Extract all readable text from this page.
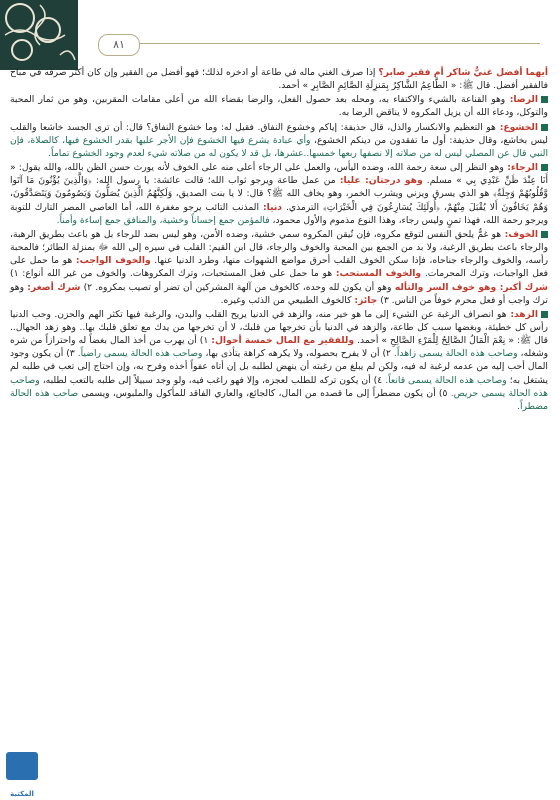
٨١

أيهما أفضل غنيٌّ شاكر أم فقير صابر؟ إذا صرف الغني ماله في طاعة أو ادخره لذلك؛ فهو أفضل من الفقير وإن كان أكثر صرفه في مباح فالفقير أفضل. قال ﷺ: « الطَّاعِمُ الشَّاكِرُ بِمَنزِلَةِ الصَّائِمِ الصَّابِرِ » أحمد.

الرضا: وهو القناعة بالشيء والاكتفاء به، ومحله بعد حصول الفعل، والرضا بقضاء الله من أعلى مقامات المقربين، وهو من ثمار المحبة والتوكل، ودعاء الله أن يزيل المكروه لا يناقض الرضا به.

الخشوع: هو التعظيم والانكسار والذل، قال حذيفة: إياكم وخشوع النفاق. فقيل له: وما خشوع النفاق؟ قال: أن ترى الجسد خاشعا والقلب ليس بخاشع، وقال حذيفة: أول ما تفقدون من دينكم الخشوع، وأي عبادة يشرع فيها الخشوع فإن الأجر عليها بقدر الخشوع فيها، كالصلاة، فإن النبي قال عن المصلي ليس له من صلاته إلا نصفها ربعها خمسها..عشرها، بل قد لا يكون له من صلاته شيء لعدم وجود الخشوع تماماً.

الرجاء: وهو النظر إلى سعة رحمة الله، وضده اليأس، والعمل على الرجاء أعلى منه على الخوف لأنه يورث حسن الظن بالله، والله يقول: « أَنَا عِنْدَ ظَنِّ عَبْدِي بِي » مسلم. وهو درجتان: عليا: من عمل طاعة ويرجو ثواب الله؛ قالت عائشة: يا رسول الله: ﴿وَالَّذِينَ يُؤْتُونَ مَا آتَوا وَّقُلُوبُهُمْ وَجِلَةٌ﴾ هو الذي يسرق ويزني ويشرب الخمر، وهو يخاف الله ﷺ؟ قال: لا يا بنت الصديق، وَلَكِنَّهُمُ الَّذِينَ يُصَلُّونَ وَيَصُومُونَ وَيَتَصَدَّقُونَ، وَهُمْ يَخَافُونَ أَلا يُقْبَلَ مِنْهُمْ، ﴿أُولَئِكَ يُسَارِعُونَ فِي الْخَيْرَاتِ﴾ الترمذي. دنيا: المذنب التائب يرجو مغفرة الله، أما العاصي المصر التارك للتوبة ويرجو رحمة الله، فهذا تمنٍ وليس رجاء، وهذا النوع مذموم والأول محمود، فالمؤمن جمع إحساناً وخشية، والمنافق جمع إساءة وأمناً.

الخوف: هو غمٌّ يلحق النفس لتوقع مكروه، فإن تُيقن المكروه سمي خشية، وضده الأمن، وهو ليس بضد للرجاء بل هو باعث بطريق الرهبة، والرجاء باعث بطريق الرغبة، ولا بد من الجمع بين المحبة والخوف والرجاء، قال ابن القيم: القلب في سيره إلى الله ﷻ بمنزلة الطائر؛ فالمحبة رأسه، والخوف والرجاء جناحاه، فإذا سكن الخوف القلب أحرق مواضع الشهوات منها، وطرد الدنيا عنها. والخوف الواجب: هو ما حمل على فعل الواجبات، وترك المحرمات. والخوف المستحب: هو ما حمل على فعل المستحبات، وترك المكروهات. والخوف من غير الله أنواع: ١) شرك أكبر: وهو خوف السر والتأله وهو أن يكون لله وحده، كالخوف من آلهة المشركين أن تضر أو تصيب بمكروه. ٢) شرك أصغر: وهو ترك واجب أو فعل محرم خوفاً من الناس. ٣) جائز: كالخوف الطبيعي من الذئب وغيره.

الزهد: هو انصراف الرغبة عن الشيء إلى ما هو خير منه، والزهد في الدنيا يريح القلب والبدن، والرغبة فيها تكثر الهم والحزن. وحب الدنيا رأس كل خطيئة، وبغضها سبب كل طاعة، والزهد في الدنيا بأن تخرجها من قلبك، لا أن تخرجها من يدك مع تعلق قلبك بها.. وهو زهد الجهال.. قال ﷺ: « نِعْمَ الْمَالُ الصَّالِحُ لِلْمَرْءِ الصَّالِحِ » أحمد. وللفقير مع المال خمسة أحوال: ١) أن يهرب من أخذ المال بغضاً له واحترازاً من شره وشغله، وصاحب هذه الحالة يسمى زاهداً. ٢) أن لا يفرح بحصوله، ولا يكرهه كراهة يتأذى بها، وصاحب هذه الحالة يسمى راضياً. ٣) أن يكون وجود المال أحب إليه من عدمه لرغبة له فيه، ولكن لم يبلغ من رغبته أن ينهض لطلبه بل إن أتاه عفواً أخذه وفرح به، وإن احتاج إلى تعب في طلبه لم يشتغل به؛ وصاحب هذه الحالة يسمى قانعاً. ٤) أن يكون تركه للطلب لعجزه، وإلا فهو راغب فيه، ولو وجد سبيلاً إلى طلبه بالتعب لطلبه، وصاحب هذه الحالة يسمى حريص. ٥) أن يكون مضطراً إلى ما قصده من المال، كالجائع، والعاري الفاقد للمأكول والملبوس، ويسمى صاحب هذه الحالة مضطراً.

المكتبة
